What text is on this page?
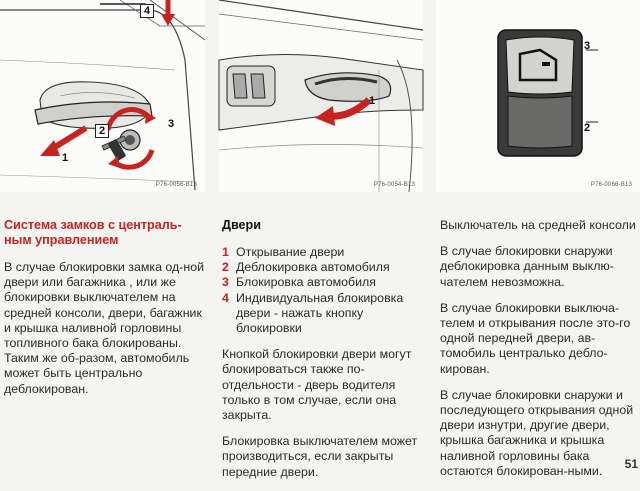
4
2
3
1
P76-0056-B13
1
P76-0054-B13
3
2
P76-0066-B13
Система замков с централь-ным управлением
В случае блокировки замка од-ной двери или багажника , или же блокировки выключателем на средней консоли, двери, багажник и крышка наливной горловины топливного бака блокированы. Таким же об-разом, автомобиль может быть центрально деблокирован.
Двери
1 Открывание двери
2 Деблокировка автомобиля
3 Блокировка автомобиля
4 Индивидуальная блокировка двери - нажать кнопку блокировки
Кнопкой блокировки двери могут блокироваться также по-отдельности - дверь водителя только в том случае, если она закрыта.
Блокировка выключателем может производиться, если закрыты передние двери.
Выключатель на средней консоли
В случае блокировки снаружи деблокировка данным выклю-чателем невозможна.
В случае блокировки выключа-телем и открывания после это-го одной передней двери, ав-томобиль централько дебло-кирован.
В случае блокировки снаружи и последующего открывания одной двери изнутри, другие двери, крышка багажника и крышка наливной горловины бака остаются блокирован-ными.	51
